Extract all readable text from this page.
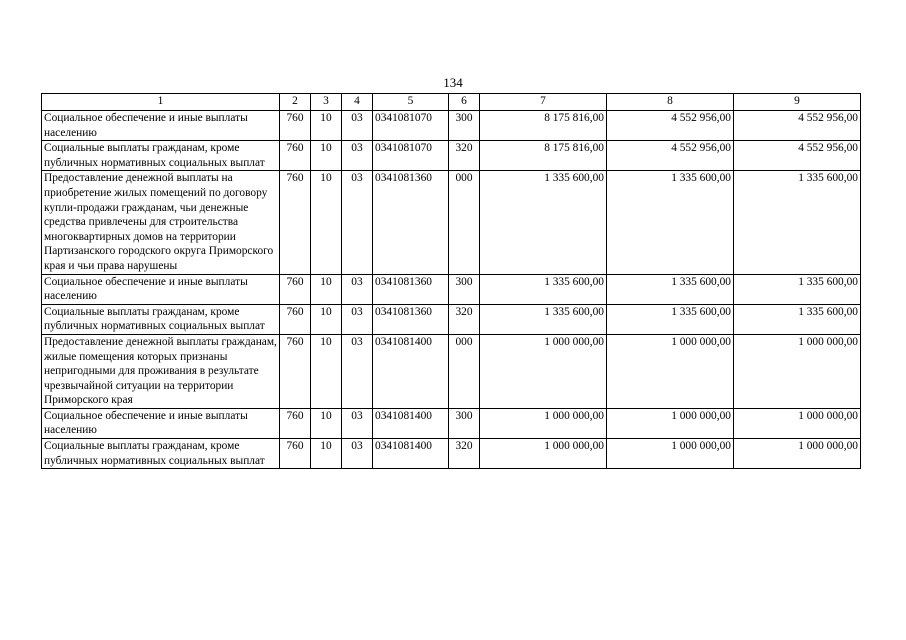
134
1	2	3	4	5	6	7	8	9
Социальное обеспечение и иные выплаты населению	760	10	03	0341081070	300	8 175 816,00	4 552 956,00	4 552 956,00
Социальные выплаты гражданам, кроме публичных нормативных социальных выплат	760	10	03	0341081070	320	8 175 816,00	4 552 956,00	4 552 956,00
Предоставление денежной выплаты на приобретение жилых помещений по договору купли-продажи гражданам, чьи денежные средства привлечены для строительства многоквартирных домов на территории Партизанского городского округа Приморского края и чьи права нарушены	760	10	03	0341081360	000	1 335 600,00	1 335 600,00	1 335 600,00
Социальное обеспечение и иные выплаты населению	760	10	03	0341081360	300	1 335 600,00	1 335 600,00	1 335 600,00
Социальные выплаты гражданам, кроме публичных нормативных социальных выплат	760	10	03	0341081360	320	1 335 600,00	1 335 600,00	1 335 600,00
Предоставление денежной выплаты гражданам, жилые помещения которых признаны непригодными для проживания в результате чрезвычайной ситуации на территории Приморского края	760	10	03	0341081400	000	1 000 000,00	1 000 000,00	1 000 000,00
Социальное обеспечение и иные выплаты населению	760	10	03	0341081400	300	1 000 000,00	1 000 000,00	1 000 000,00
Социальные выплаты гражданам, кроме публичных нормативных социальных выплат	760	10	03	0341081400	320	1 000 000,00	1 000 000,00	1 000 000,00
